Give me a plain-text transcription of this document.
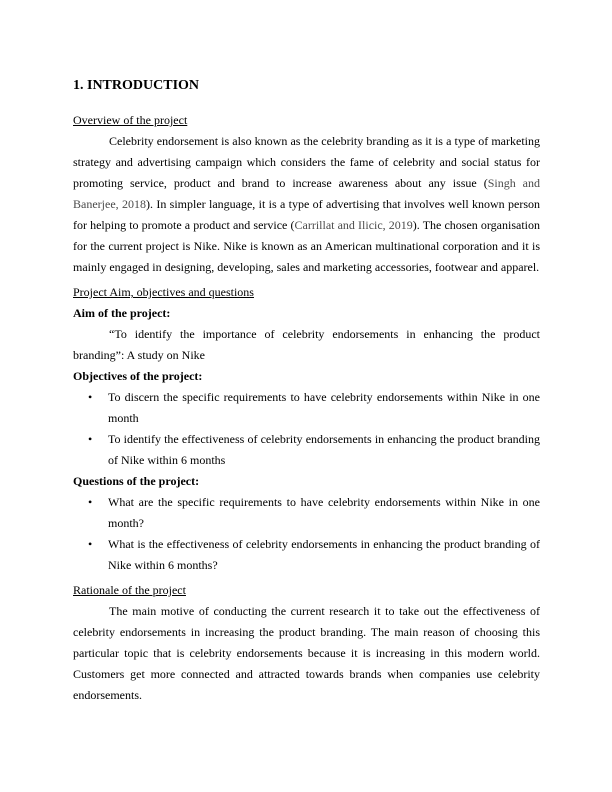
1. INTRODUCTION

Overview of the project

Celebrity endorsement is also known as the celebrity branding as it is a type of marketing strategy and advertising campaign which considers the fame of celebrity and social status for promoting service, product and brand to increase awareness about any issue (Singh and Banerjee, 2018). In simpler language, it is a type of advertising that involves well known person for helping to promote a product and service (Carrillat and Ilicic, 2019). The chosen organisation for the current project is Nike. Nike is known as an American multinational corporation and it is mainly engaged in designing, developing, sales and marketing accessories, footwear and apparel.

Project Aim, objectives and questions

Aim of the project:

“To identify the importance of celebrity endorsements in enhancing the product branding”: A study on Nike

Objectives of the project:

• To discern the specific requirements to have celebrity endorsements within Nike in one month
• To identify the effectiveness of celebrity endorsements in enhancing the product branding of Nike within 6 months

Questions of the project:

• What are the specific requirements to have celebrity endorsements within Nike in one month?
• What is the effectiveness of celebrity endorsements in enhancing the product branding of Nike within 6 months?

Rationale of the project

The main motive of conducting the current research it to take out the effectiveness of celebrity endorsements in increasing the product branding. The main reason of choosing this particular topic that is celebrity endorsements because it is increasing in this modern world. Customers get more connected and attracted towards brands when companies use celebrity endorsements.
